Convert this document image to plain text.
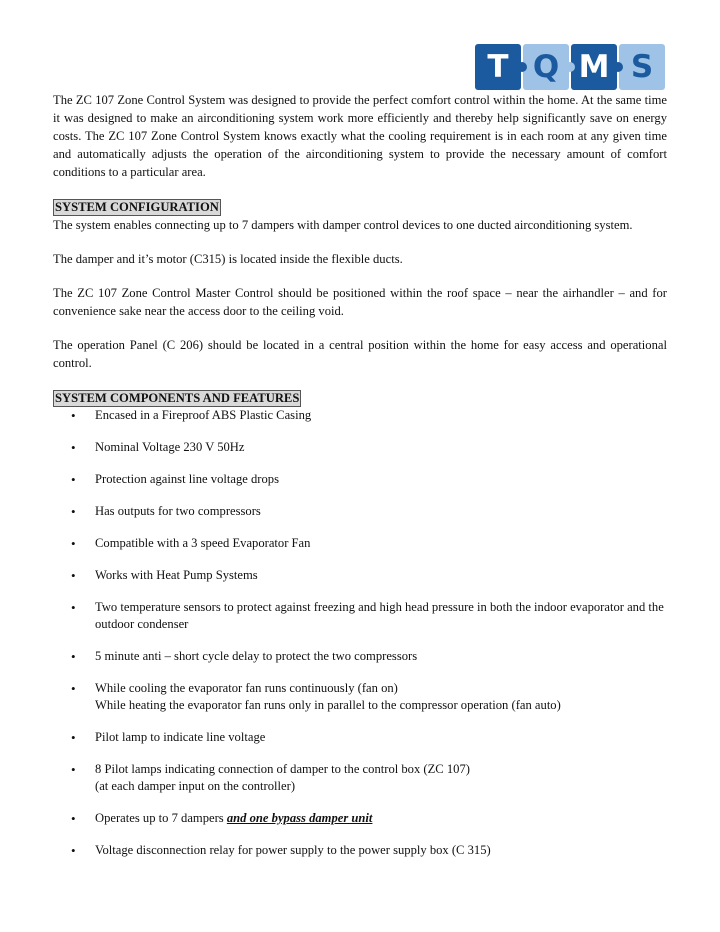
T Q M S

The ZC 107 Zone Control System was designed to provide the perfect comfort control within the home. At the same time it was designed to make an airconditioning system work more efficiently and thereby help significantly save on energy costs. The ZC 107 Zone Control System knows exactly what the cooling requirement is in each room at any given time and automatically adjusts the operation of the airconditioning system to provide the necessary amount of comfort conditions to a particular area.

SYSTEM CONFIGURATION

The system enables connecting up to 7 dampers with damper control devices to one ducted airconditioning system.

The damper and it’s motor (C315) is located inside the flexible ducts.

The ZC 107 Zone Control Master Control should be positioned within the roof space – near the airhandler – and for convenience sake near the access door to the ceiling void.

The operation Panel (C 206) should be located in a central position within the home for easy access and operational control.

SYSTEM COMPONENTS AND FEATURES
• Encased in a Fireproof ABS Plastic Casing
• Nominal Voltage 230 V 50Hz
• Protection against line voltage drops
• Has outputs for two compressors
• Compatible with a 3 speed Evaporator Fan
• Works with Heat Pump Systems
• Two temperature sensors to protect against freezing and high head pressure in both the indoor evaporator and the outdoor condenser
• 5 minute anti – short cycle delay to protect the two compressors
• While cooling the evaporator fan runs continuously (fan on)
While heating the evaporator fan runs only in parallel to the compressor operation (fan auto)
• Pilot lamp to indicate line voltage
• 8 Pilot lamps indicating connection of damper to the control box (ZC 107)
(at each damper input on the controller)
• Operates up to 7 dampers and one bypass damper unit
• Voltage disconnection relay for power supply to the power supply box (C 315)
